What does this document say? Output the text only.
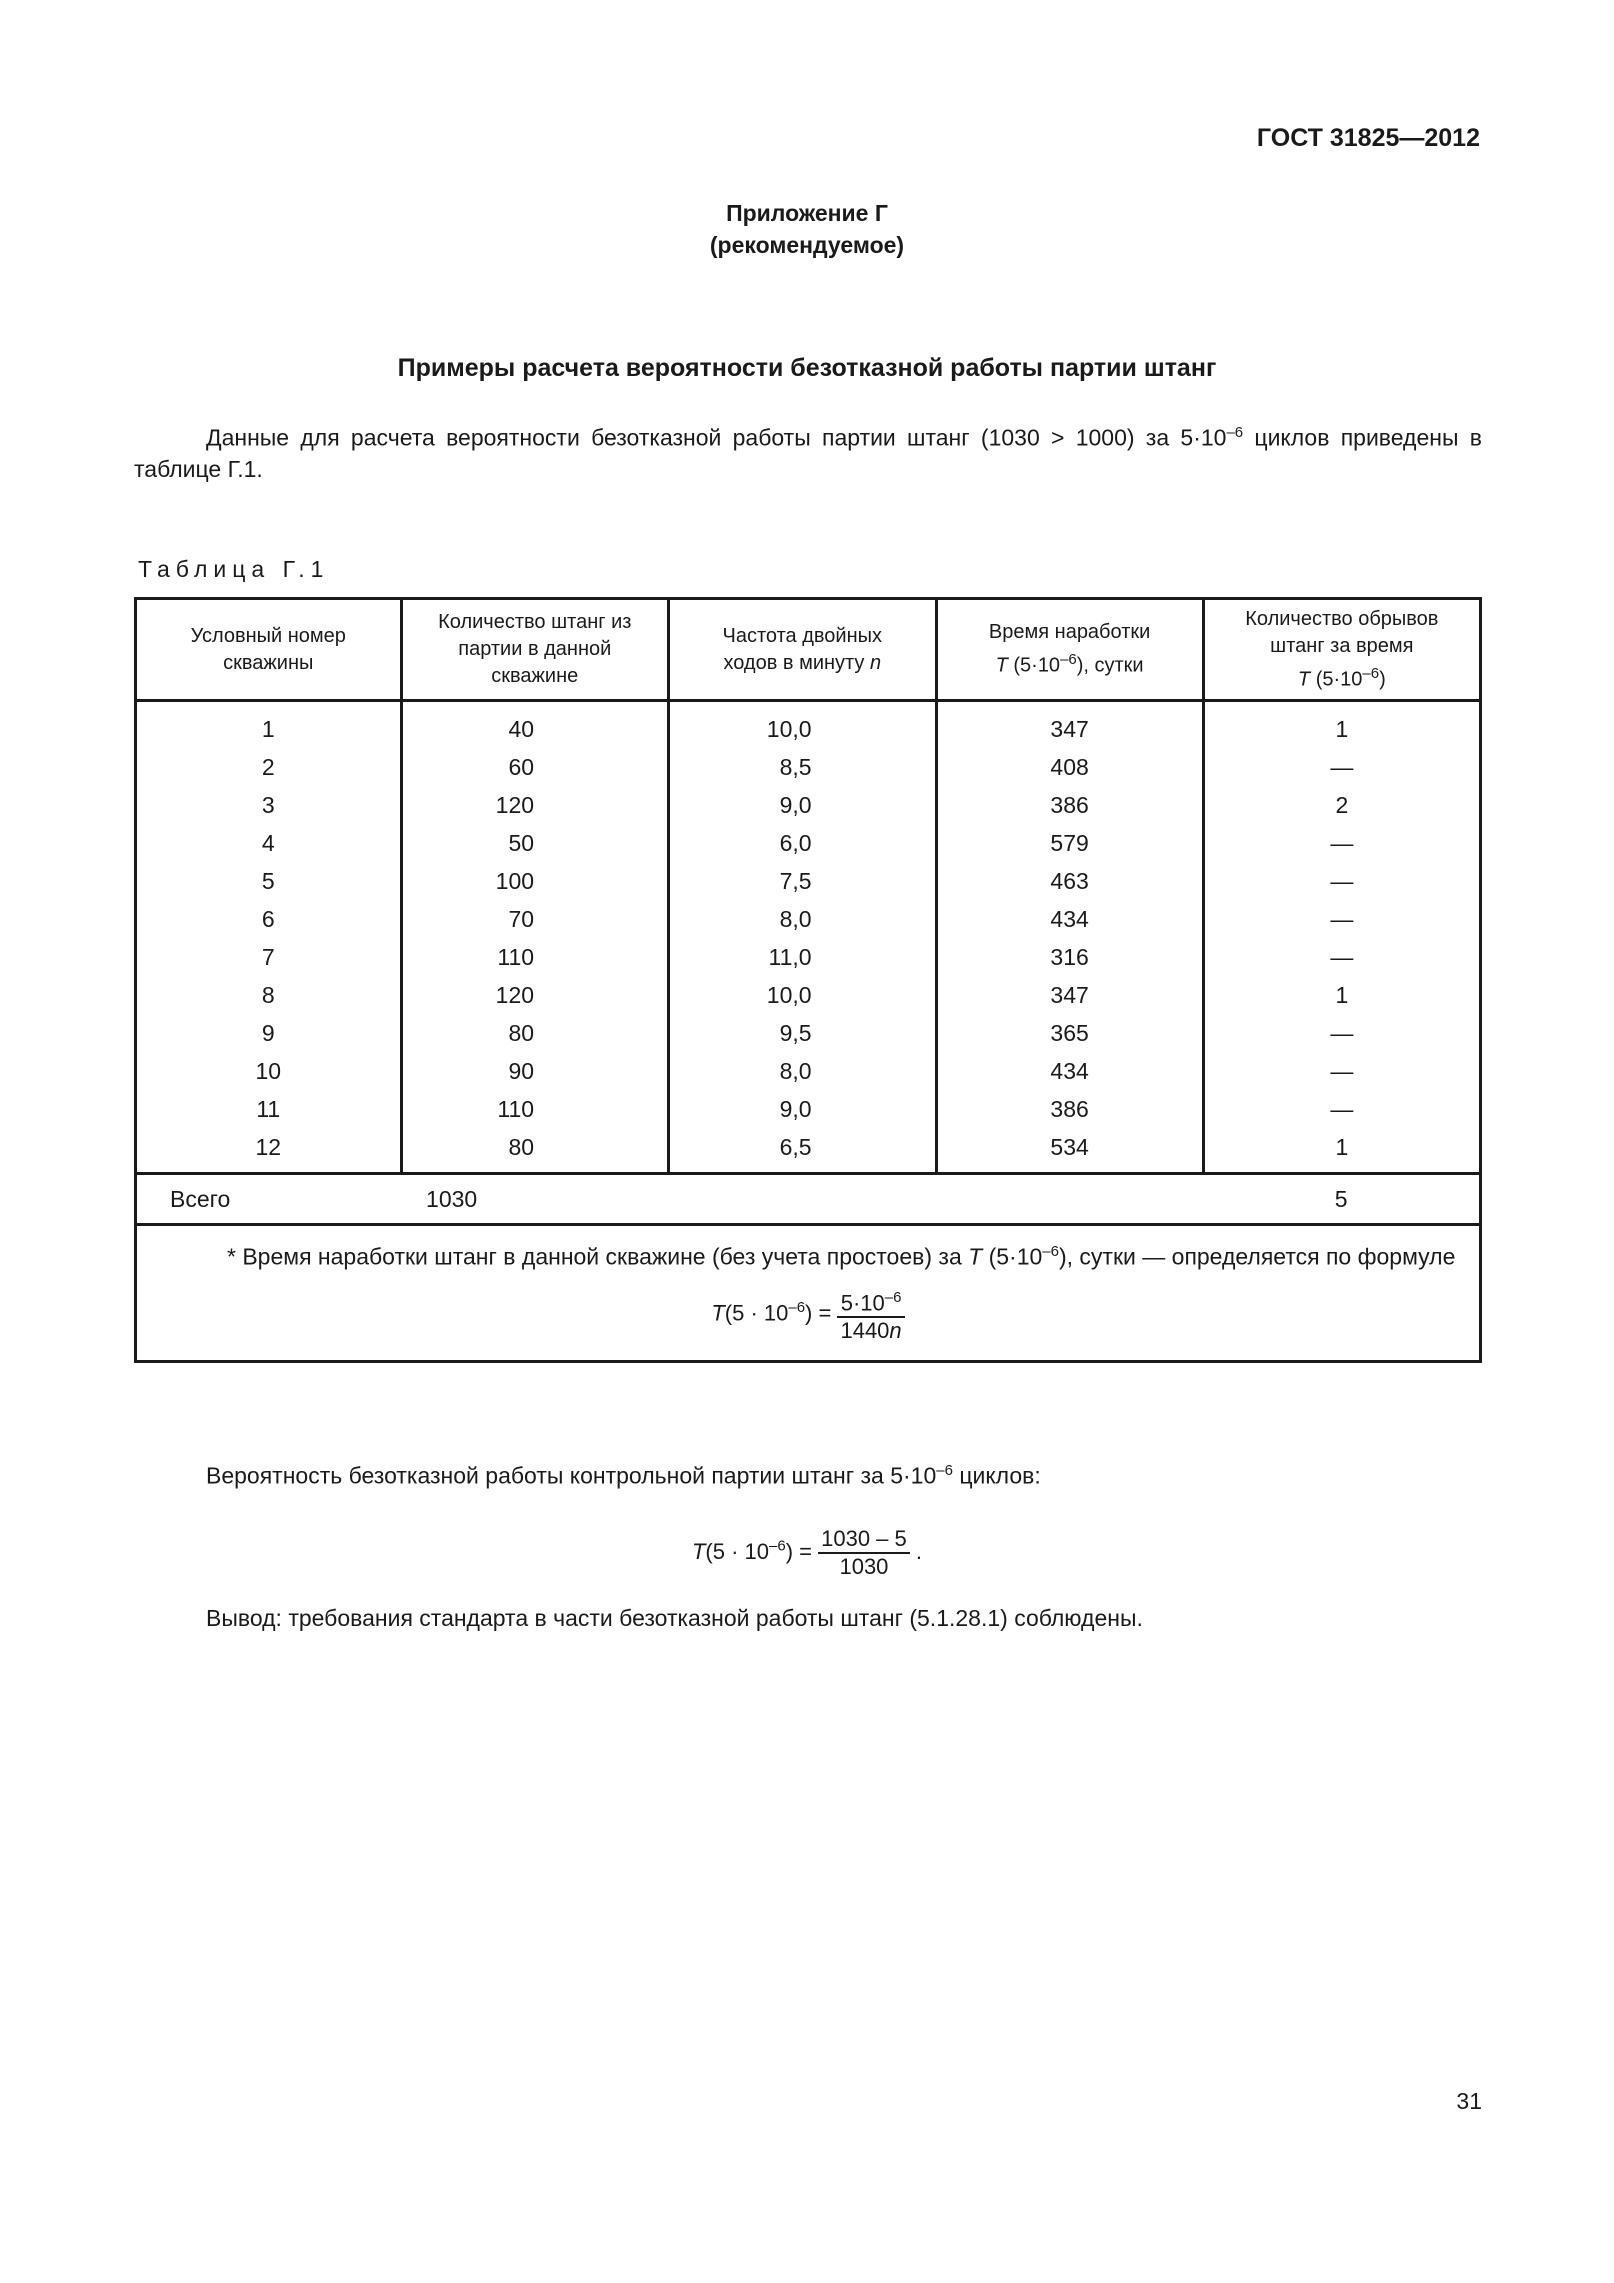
ГОСТ 31825—2012
Приложение Г
(рекомендуемое)
Примеры расчета вероятности безотказной работы партии штанг
Данные для расчета вероятности безотказной работы партии штанг (1030 > 1000) за $5\cdot 10^{-6}$ циклов приведены в таблице Г.1.
Таблица Г.1
Условный номер скважины	Количество штанг из партии в данной скважине	Частота двойных ходов в минуту n	Время наработки
T $(5\cdot 10^{-6})$, сутки	Количество обрывов штанг за время
T $(5\cdot 10^{-6})$

1	40	10,0	347	1
2	60	8,5	408	—
3	120	9,0	386	2
4	50	6,0	579	—
5	100	7,5	463	—
6	70	8,0	434	—
7	110	11,0	316	—
8	120	10,0	347	1
9	80	9,5	365	—
10	90	8,0	434	—
11	110	9,0	386	—
12	80	6,5	534	1
Всего	1030			5

* Время наработки штанг в данной скважине (без учета простоев) за T $(5\cdot 10^{-6})$, сутки — определяется по формуле
$T(5 \cdot 10^{-6}) = \frac{5\cdot 10^{-6}}{1440n}$
Вероятность безотказной работы контрольной партии штанг за $5\cdot 10^{-6}$ циклов:
$T(5 \cdot 10^{-6}) = \frac{1030 - 5}{1030}$ .
Вывод: требования стандарта в части безотказной работы штанг (5.1.28.1) соблюдены.
31
